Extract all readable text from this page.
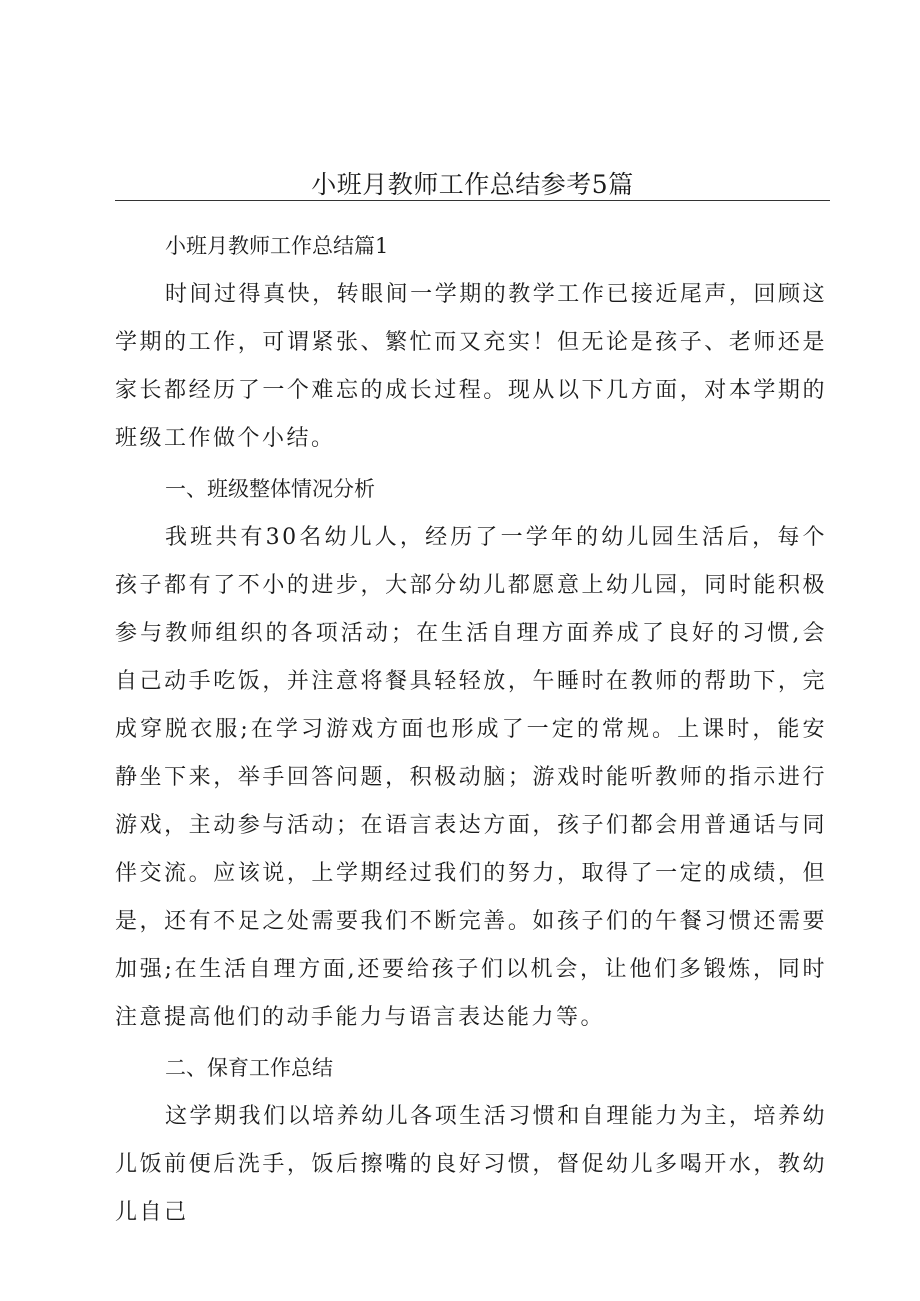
小班月教师工作总结参考5篇

小班月教师工作总结篇1

时间过得真快，转眼间一学期的教学工作已接近尾声，回顾这学期的工作，可谓紧张、繁忙而又充实！但无论是孩子、老师还是家长都经历了一个难忘的成长过程。现从以下几方面，对本学期的班级工作做个小结。

一、班级整体情况分析

我班共有30名幼儿人，经历了一学年的幼儿园生活后，每个孩子都有了不小的进步，大部分幼儿都愿意上幼儿园，同时能积极参与教师组织的各项活动；在生活自理方面养成了良好的习惯,会自己动手吃饭，并注意将餐具轻轻放，午睡时在教师的帮助下，完成穿脱衣服;在学习游戏方面也形成了一定的常规。上课时，能安静坐下来，举手回答问题，积极动脑；游戏时能听教师的指示进行游戏，主动参与活动；在语言表达方面，孩子们都会用普通话与同伴交流。应该说，上学期经过我们的努力，取得了一定的成绩，但是，还有不足之处需要我们不断完善。如孩子们的午餐习惯还需要加强;在生活自理方面,还要给孩子们以机会，让他们多锻炼，同时注意提高他们的动手能力与语言表达能力等。

二、保育工作总结

这学期我们以培养幼儿各项生活习惯和自理能力为主，培养幼儿饭前便后洗手，饭后擦嘴的良好习惯，督促幼儿多喝开水，教幼儿自己
